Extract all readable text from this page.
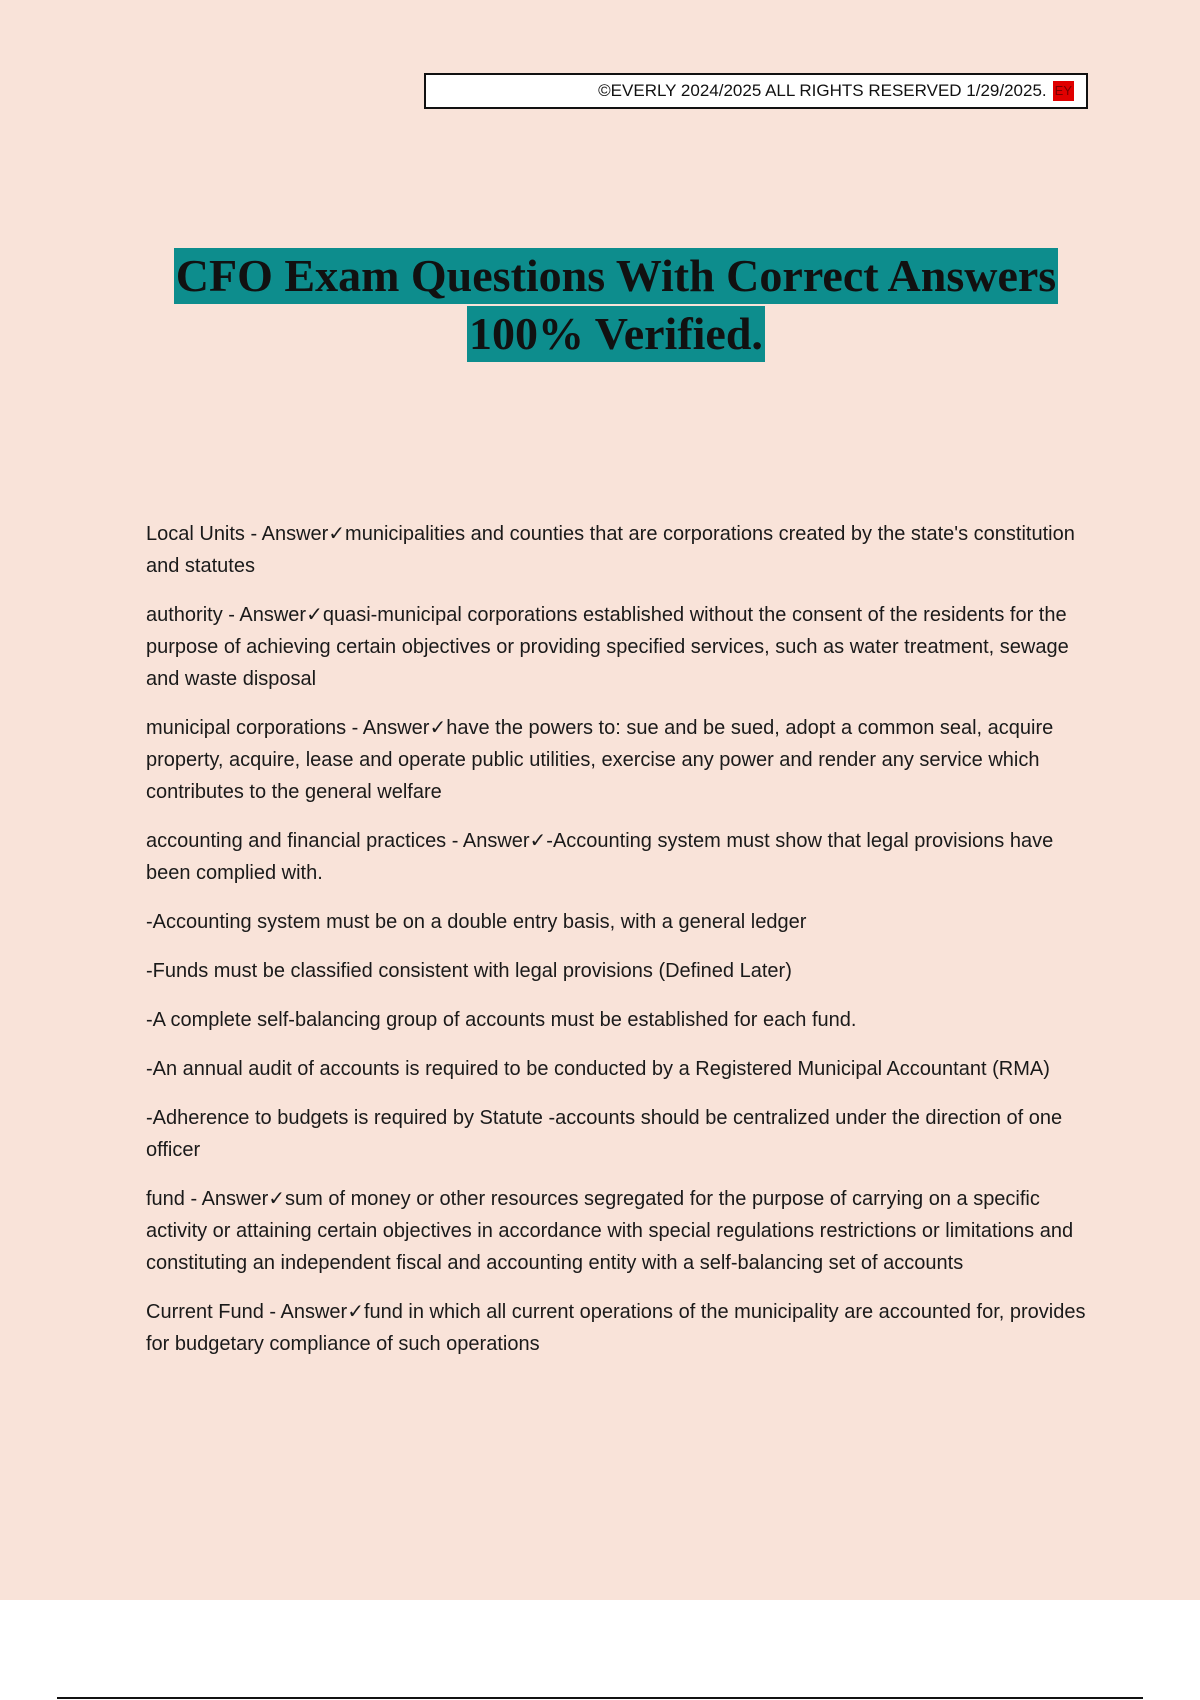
©EVERLY 2024/2025 ALL RIGHTS RESERVED 1/29/2025. EY
CFO Exam Questions With Correct Answers
100% Verified.

Local Units - Answer✓municipalities and counties that are corporations created by the state's constitution and statutes

authority - Answer✓quasi-municipal corporations established without the consent of the residents for the purpose of achieving certain objectives or providing specified services, such as water treatment, sewage and waste disposal

municipal corporations - Answer✓have the powers to: sue and be sued, adopt a common seal, acquire property, acquire, lease and operate public utilities, exercise any power and render any service which contributes to the general welfare

accounting and financial practices - Answer✓-Accounting system must show that legal provisions have been complied with.

-Accounting system must be on a double entry basis, with a general ledger

-Funds must be classified consistent with legal provisions (Defined Later)

-A complete self-balancing group of accounts must be established for each fund.

-An annual audit of accounts is required to be conducted by a Registered Municipal Accountant (RMA)

-Adherence to budgets is required by Statute -accounts should be centralized under the direction of one officer

fund - Answer✓sum of money or other resources segregated for the purpose of carrying on a specific activity or attaining certain objectives in accordance with special regulations restrictions or limitations and constituting an independent fiscal and accounting entity with a self-balancing set of accounts

Current Fund - Answer✓fund in which all current operations of the municipality are accounted for, provides for budgetary compliance of such operations
